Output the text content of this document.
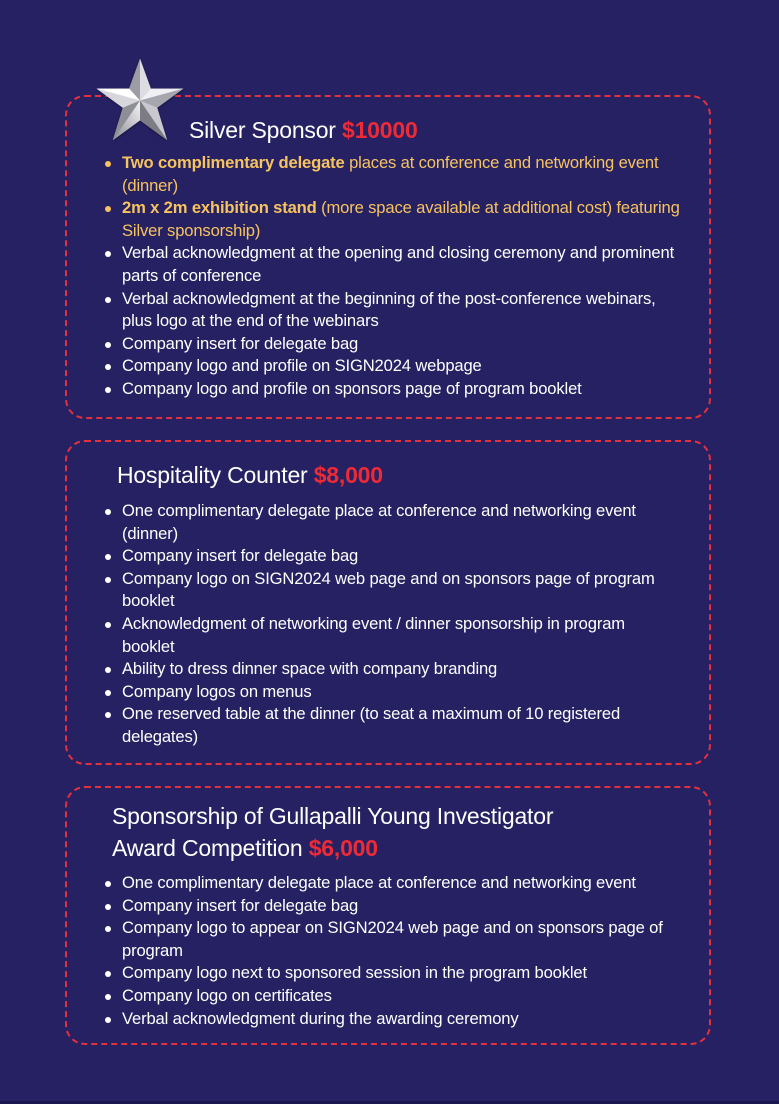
Silver Sponsor $10000
Two complimentary delegate places at conference and networking event (dinner)
2m x 2m exhibition stand (more space available at additional cost) featuring Silver sponsorship)
Verbal acknowledgment at the opening and closing ceremony and prominent parts of conference
Verbal acknowledgment at the beginning of the post-conference webinars, plus logo at the end of the webinars
Company insert for delegate bag
Company logo and profile on SIGN2024 webpage
Company logo and profile on sponsors page of program booklet
Hospitality Counter $8,000
One complimentary delegate place at conference and networking event (dinner)
Company insert for delegate bag
Company logo on SIGN2024 web page and on sponsors page of program booklet
Acknowledgment of networking event / dinner sponsorship in program booklet
Ability to dress dinner space with company branding
Company logos on menus
One reserved table at the dinner (to seat a maximum of 10 registered delegates)
Sponsorship of Gullapalli Young Investigator
Award Competition $6,000
One complimentary delegate place at conference and networking event
Company insert for delegate bag
Company logo to appear on SIGN2024 web page and on sponsors page of program
Company logo next to sponsored session in the program booklet
Company logo on certificates
Verbal acknowledgment during the awarding ceremony
